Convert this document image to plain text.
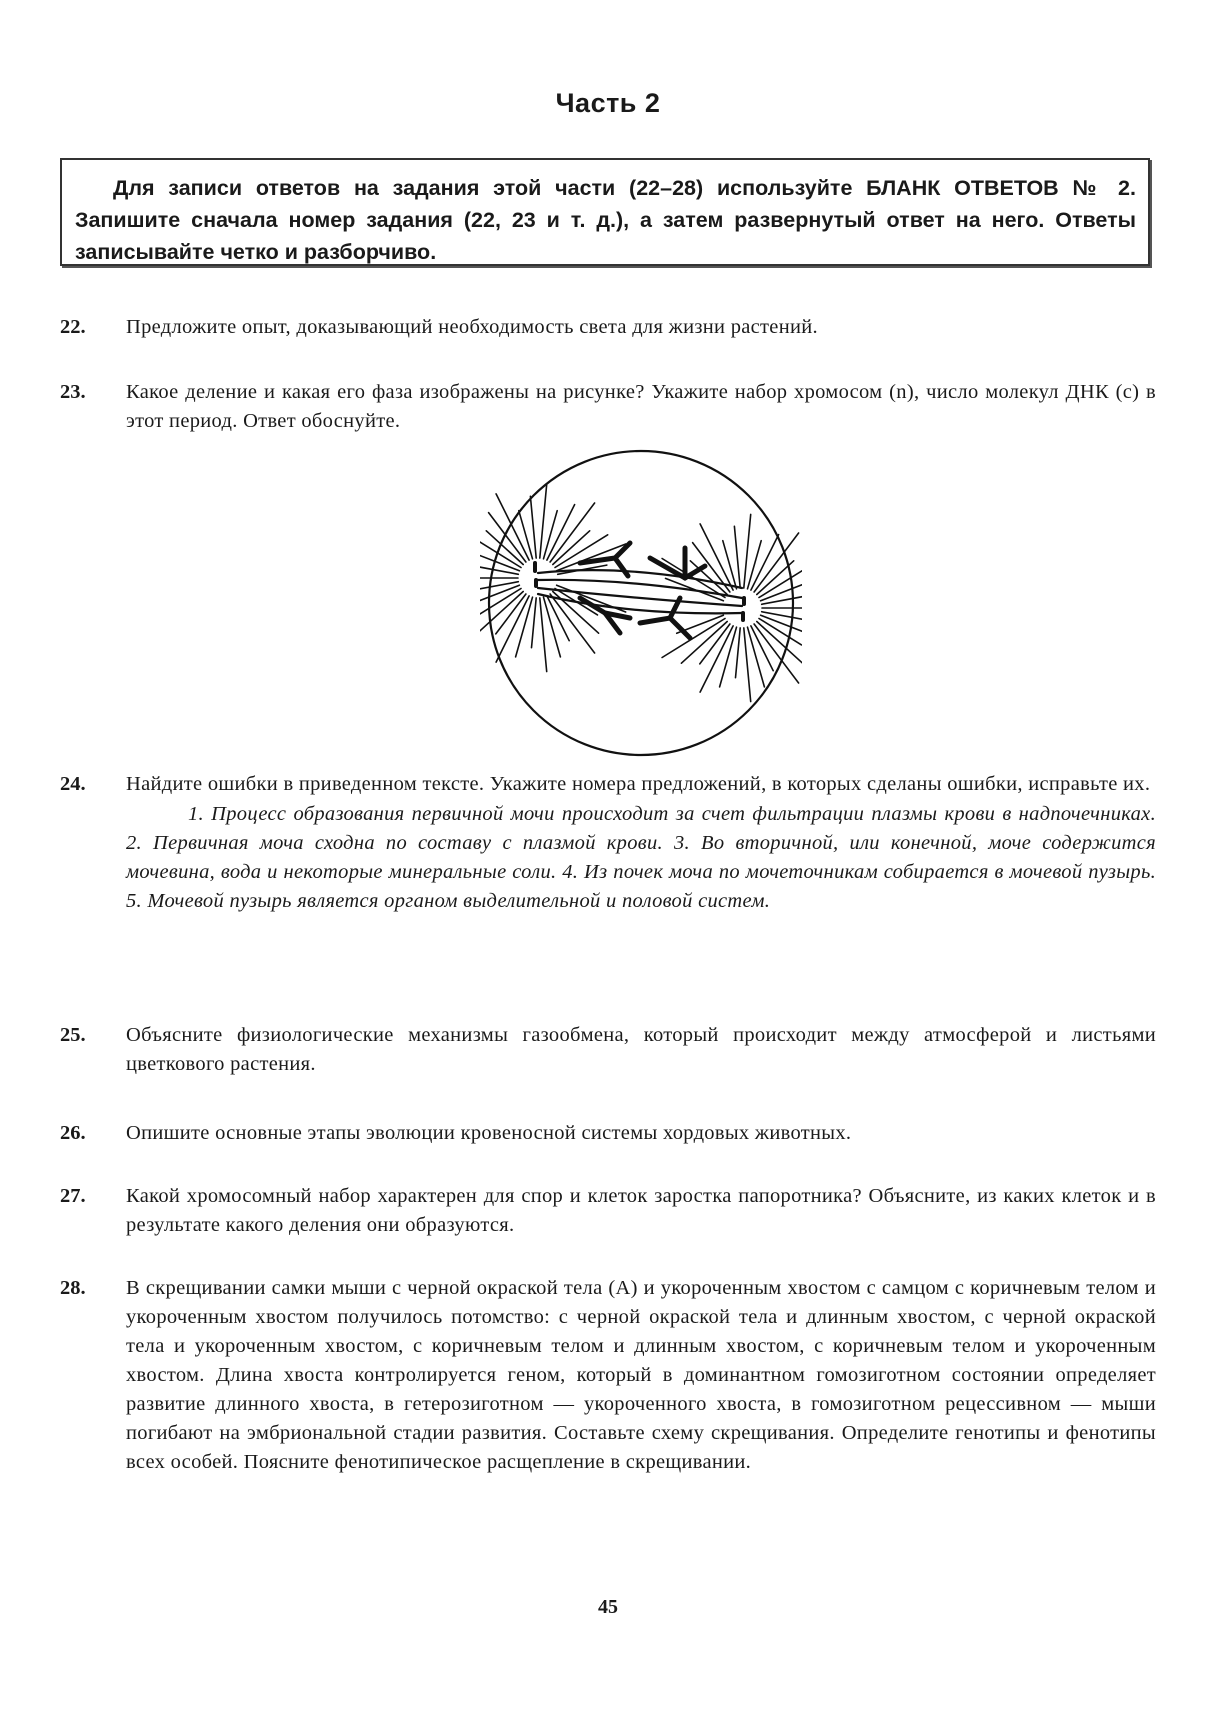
Часть 2
Для записи ответов на задания этой части (22–28) используйте БЛАНК ОТВЕТОВ № 2. Запишите сначала номер задания (22, 23 и т. д.), а затем развернутый ответ на него. Ответы записывайте четко и разборчиво.
22.	Предложите опыт, доказывающий необходимость света для жизни растений.
23.	Какое деление и какая его фаза изображены на рисунке? Укажите набор хромосом (n), число молекул ДНК (c) в этот период. Ответ обоснуйте.
24.	Найдите ошибки в приведенном тексте. Укажите номера предложений, в которых сделаны ошибки, исправьте их.
1. Процесс образования первичной мочи происходит за счет фильтрации плазмы крови в надпочечниках. 2. Первичная моча сходна по составу с плазмой крови. 3. Во вторичной, или конечной, моче содержится мочевина, вода и некоторые минеральные соли. 4. Из почек моча по мочеточникам собирается в мочевой пузырь. 5. Мочевой пузырь является органом выделительной и половой систем.
25.	Объясните физиологические механизмы газообмена, который происходит между атмосферой и листьями цветкового растения.
26.	Опишите основные этапы эволюции кровеносной системы хордовых животных.
27.	Какой хромосомный набор характерен для спор и клеток заростка папоротника? Объясните, из каких клеток и в результате какого деления они образуются.
28.	В скрещивании самки мыши с черной окраской тела (А) и укороченным хвостом с самцом с коричневым телом и укороченным хвостом получилось потомство: с черной окраской тела и длинным хвостом, с черной окраской тела и укороченным хвостом, с коричневым телом и длинным хвостом, с коричневым телом и укороченным хвостом. Длина хвоста контролируется геном, который в доминантном гомозиготном состоянии определяет развитие длинного хвоста, в гетерозиготном — укороченного хвоста, в гомозиготном рецессивном — мыши погибают на эмбриональной стадии развития. Составьте схему скрещивания. Определите генотипы и фенотипы всех особей. Поясните фенотипическое расщепление в скрещивании.
45
